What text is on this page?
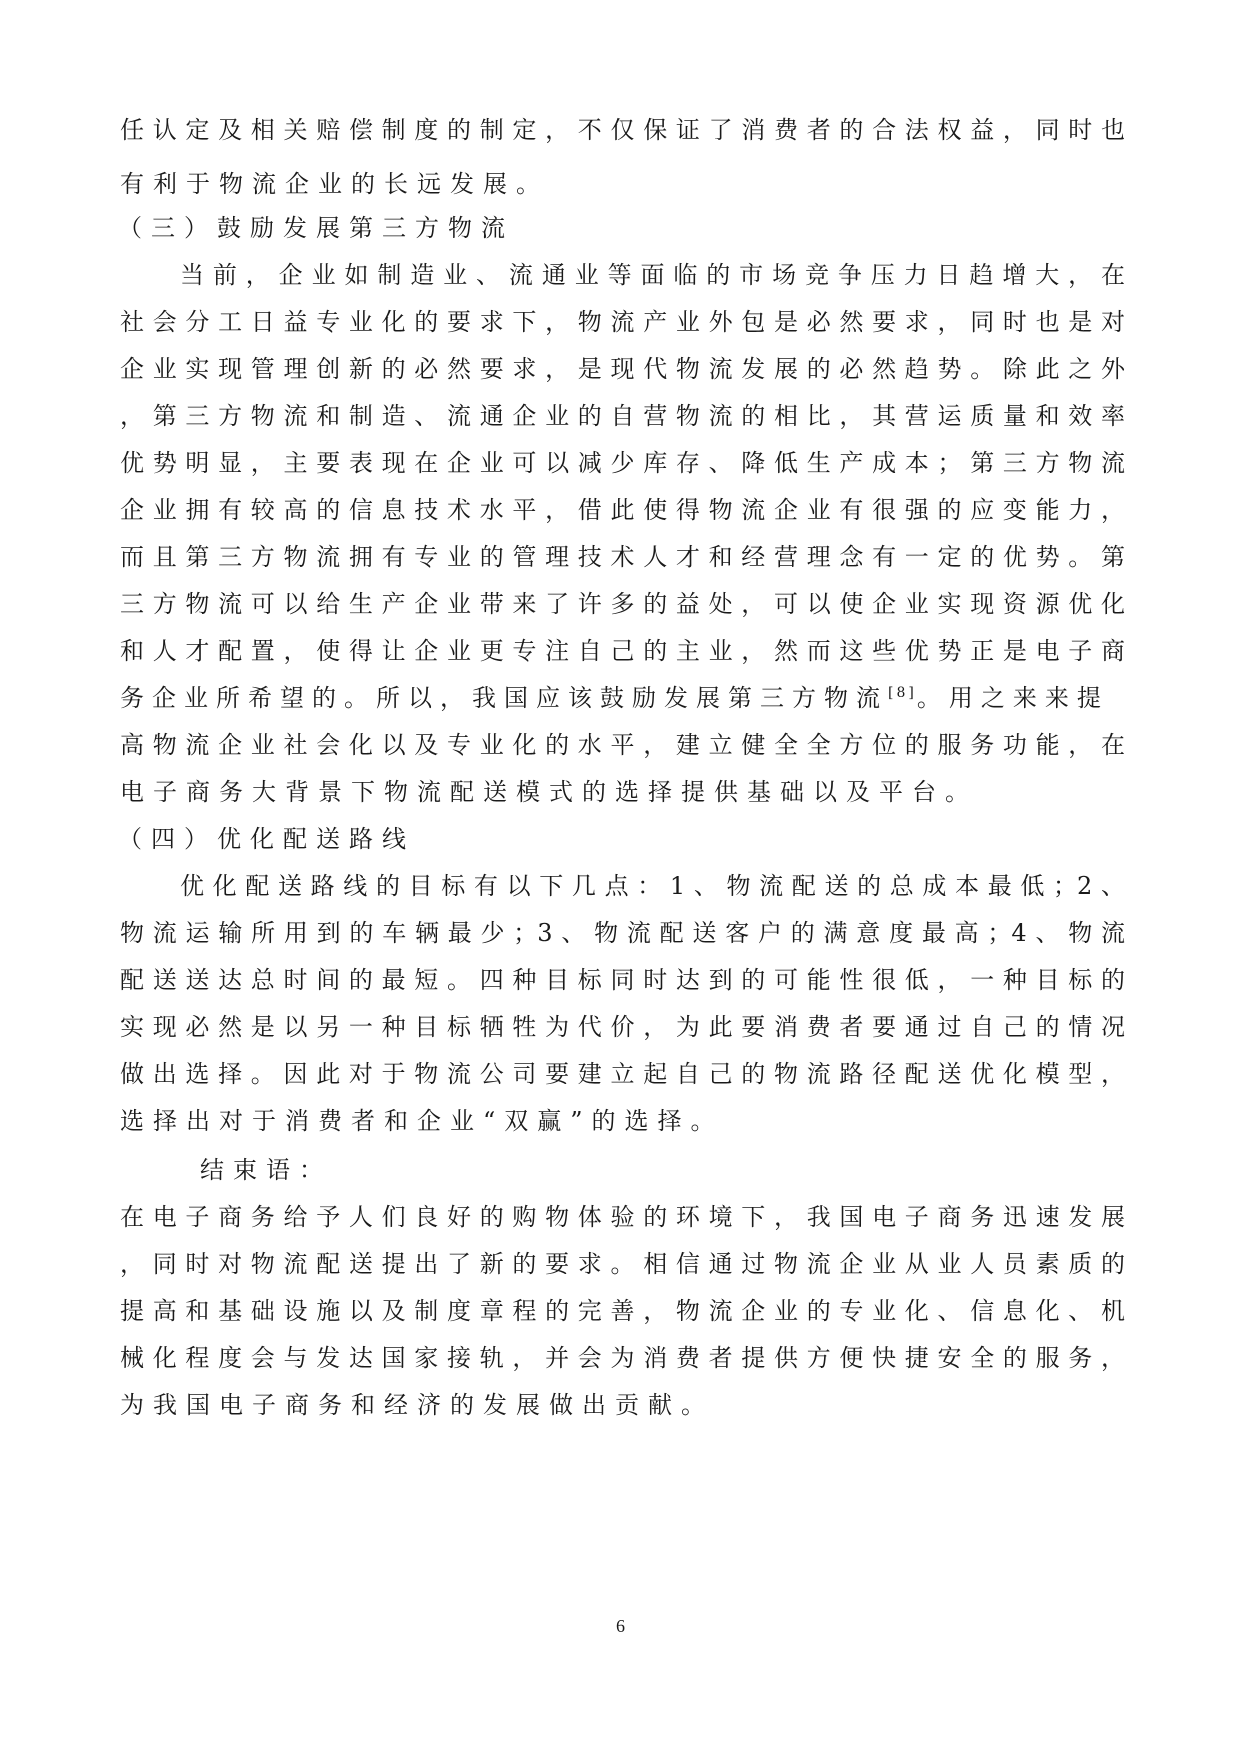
任认定及相关赔偿制度的制定，不仅保证了消费者的合法权益，同时也
有利于物流企业的长远发展。
（三）鼓励发展第三方物流
当前，企业如制造业、流通业等面临的市场竞争压力日趋增大，在
社会分工日益专业化的要求下，物流产业外包是必然要求，同时也是对
企业实现管理创新的必然要求，是现代物流发展的必然趋势。除此之外
，第三方物流和制造、流通企业的自营物流的相比，其营运质量和效率
优势明显，主要表现在企业可以减少库存、降低生产成本；第三方物流
企业拥有较高的信息技术水平，借此使得物流企业有很强的应变能力，
而且第三方物流拥有专业的管理技术人才和经营理念有一定的优势。第
三方物流可以给生产企业带来了许多的益处，可以使企业实现资源优化
和人才配置，使得让企业更专注自己的主业，然而这些优势正是电子商
务企业所希望的。所以，我国应该鼓励发展第三方物流[8]。用之来来提
高物流企业社会化以及专业化的水平，建立健全全方位的服务功能，在
电子商务大背景下物流配送模式的选择提供基础以及平台。
（四）优化配送路线
优化配送路线的目标有以下几点：1、物流配送的总成本最低；2、
物流运输所用到的车辆最少；3、物流配送客户的满意度最高；4、物流
配送送达总时间的最短。四种目标同时达到的可能性很低，一种目标的
实现必然是以另一种目标牺牲为代价，为此要消费者要通过自己的情况
做出选择。因此对于物流公司要建立起自己的物流路径配送优化模型，
选择出对于消费者和企业“双赢”的选择。
结束语：
在电子商务给予人们良好的购物体验的环境下，我国电子商务迅速发展
，同时对物流配送提出了新的要求。相信通过物流企业从业人员素质的
提高和基础设施以及制度章程的完善，物流企业的专业化、信息化、机
械化程度会与发达国家接轨，并会为消费者提供方便快捷安全的服务，
为我国电子商务和经济的发展做出贡献。
6
